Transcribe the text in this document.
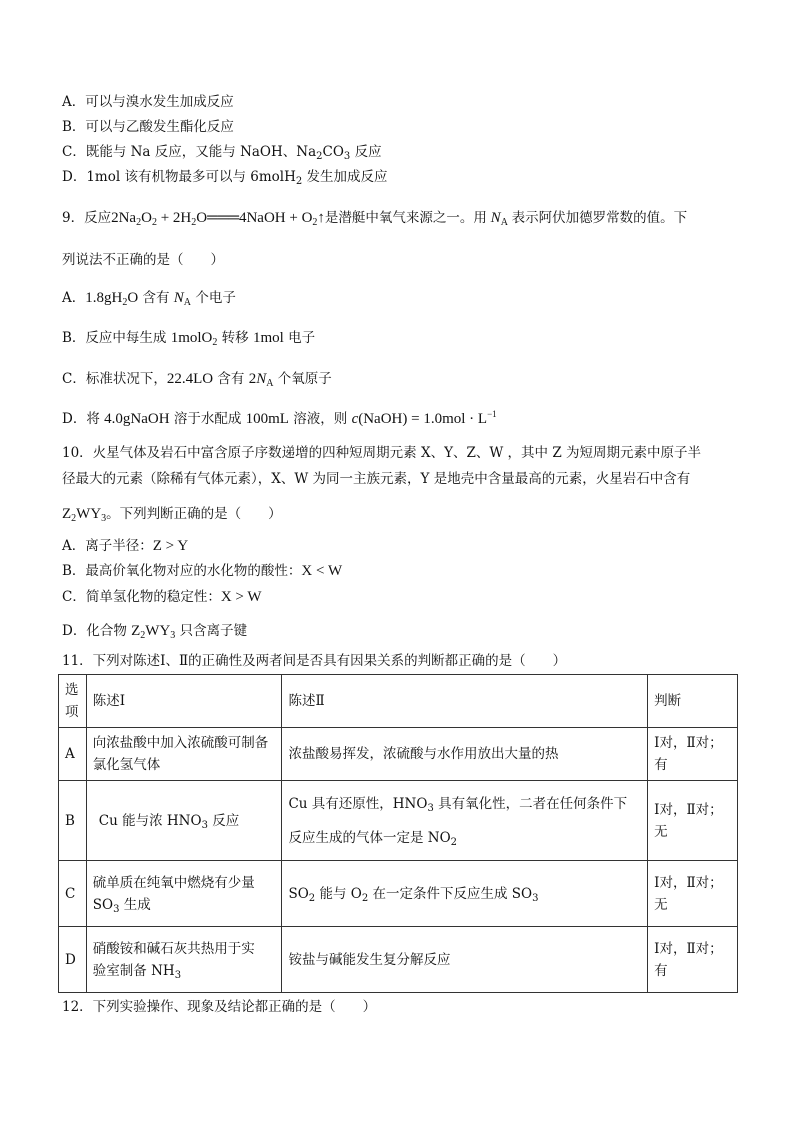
A．可以与溴水发生加成反应
B．可以与乙酸发生酯化反应
C．既能与 Na 反应，又能与 NaOH、$Na_2CO_3$ 反应
D．1mol 该有机物最多可以与 6molH$_2$ 发生加成反应
9．反应$2Na_2O_2$ + $2H_2O═══4NaOH$ + $O_2↑$是潜艇中氧气来源之一。用 $N_A$ 表示阿伏加德罗常数的值。下
列说法不正确的是（　　）
A．$1.8gH_2O$ 含有 $N_A$ 个电子
B．反应中每生成 1molO$_2$ 转移 1mol 电子
C．标准状况下，22.4LO 含有 $2N_A$ 个氧原子
D．将 4.0gNaOH 溶于水配成 100mL 溶液，则 c(NaOH) = $1.0mol \cdot L^{-1}$
10．火星气体及岩石中富含原子序数递增的四种短周期元素 X、Y、Z、W ，其中 Z 为短周期元素中原子半
径最大的元素（除稀有气体元素），X、W 为同一主族元素，Y 是地壳中含量最高的元素，火星岩石中含有
$Z_2WY_3$。下列判断正确的是（　　）
A．离子半径：Z > Y
B．最高价氧化物对应的水化物的酸性：X < W
C．简单氢化物的稳定性：X > W
D．化合物 $Z_2WY_3$ 只含离子键
11．下列对陈述Ⅰ、Ⅱ的正确性及两者间是否具有因果关系的判断都正确的是（　　）
选
项	陈述Ⅰ	陈述Ⅱ	判断
A	向浓盐酸中加入浓硫酸可制备氯化氢气体	浓盐酸易挥发，浓硫酸与水作用放出大量的热	Ⅰ对，Ⅱ对；有
B	Cu 能与浓 $HNO_3$ 反应	Cu 具有还原性，$HNO_3$ 具有氧化性，二者在任何条件下
反应生成的气体一定是 $NO_2$	Ⅰ对，Ⅱ对；无
C	硫单质在纯氧中燃烧有少量
$SO_3$ 生成	$SO_2$ 能与 $O_2$ 在一定条件下反应生成 $SO_3$	Ⅰ对，Ⅱ对；无
D	硝酸铵和碱石灰共热用于实
验室制备 $NH_3$	铵盐与碱能发生复分解反应	Ⅰ对，Ⅱ对；有
12．下列实验操作、现象及结论都正确的是（　　）
